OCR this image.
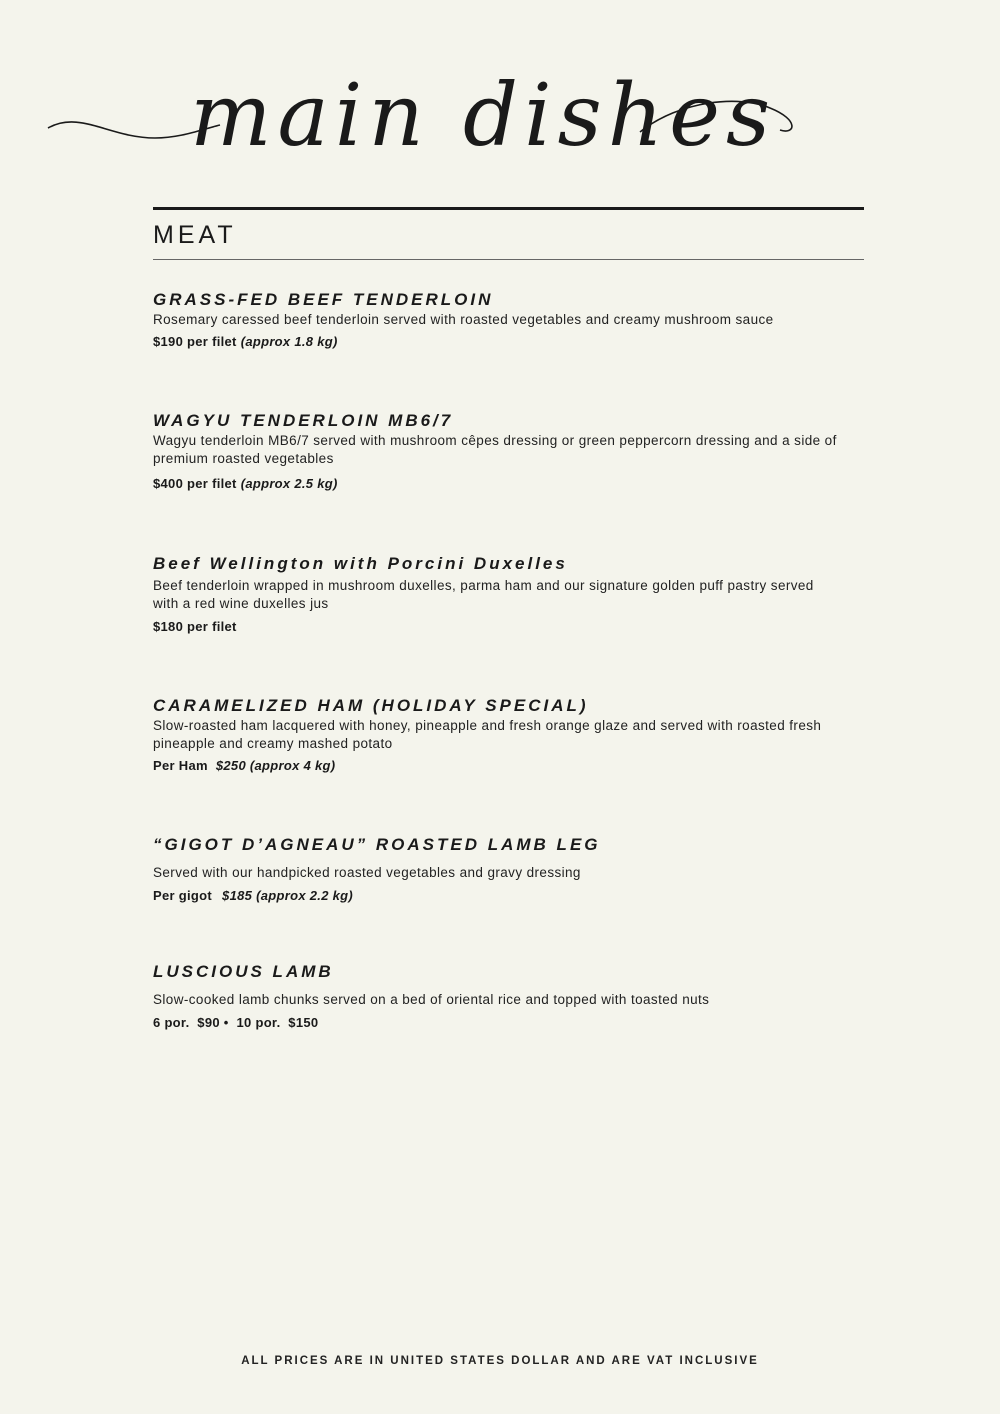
main dishes
MEAT

GRASS-FED BEEF TENDERLOIN

Rosemary caressed beef tenderloin served with roasted vegetables and creamy mushroom sauce

$190 per filet (approx 1.8 kg)

WAGYU TENDERLOIN MB6/7

Wagyu tenderloin MB6/7 served with mushroom cêpes dressing or green peppercorn dressing and a side of premium roasted vegetables

$400 per filet (approx 2.5 kg)

Beef Wellington with Porcini Duxelles

Beef tenderloin wrapped in mushroom duxelles, parma ham and our signature golden puff pastry served with a red wine duxelles jus

$180 per filet

CARAMELIZED HAM (HOLIDAY SPECIAL)

Slow-roasted ham lacquered with honey, pineapple and fresh orange glaze and served with roasted fresh pineapple and creamy mashed potato

Per Ham $250 (approx 4 kg)

“GIGOT D’AGNEAU” ROASTED LAMB LEG

Served with our handpicked roasted vegetables and gravy dressing

Per gigot $185 (approx 2.2 kg)

LUSCIOUS LAMB

Slow-cooked lamb chunks served on a bed of oriental rice and topped with toasted nuts

6 por.  $90 •  10 por.  $150

ALL PRICES ARE IN UNITED STATES DOLLAR AND ARE VAT INCLUSIVE
